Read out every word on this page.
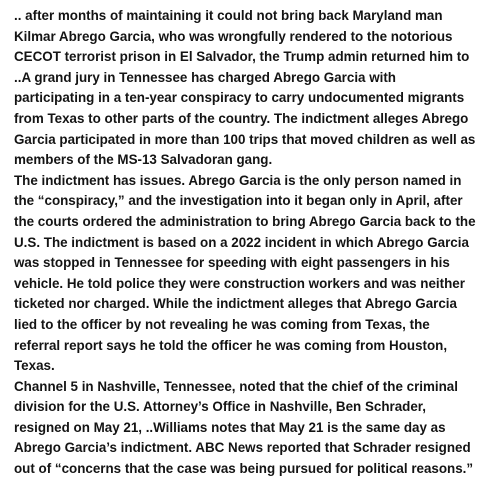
.. after months of maintaining it could not bring back Maryland man Kilmar Abrego Garcia, who was wrongfully rendered to the notorious CECOT terrorist prison in El Salvador, the Trump admin returned him to ..A grand jury in Tennessee has charged Abrego Garcia with participating in a ten-year conspiracy to carry undocumented migrants from Texas to other parts of the country. The indictment alleges Abrego Garcia participated in more than 100 trips that moved children as well as members of the MS-13 Salvadoran gang.

The indictment has issues. Abrego Garcia is the only person named in the “conspiracy,” and the investigation into it began only in April, after the courts ordered the administration to bring Abrego Garcia back to the U.S. The indictment is based on a 2022 incident in which Abrego Garcia was stopped in Tennessee for speeding with eight passengers in his vehicle. He told police they were construction workers and was neither ticketed nor charged. While the indictment alleges that Abrego Garcia lied to the officer by not revealing he was coming from Texas, the referral report says he told the officer he was coming from Houston, Texas.

Channel 5 in Nashville, Tennessee, noted that the chief of the criminal division for the U.S. Attorney’s Office in Nashville, Ben Schrader, resigned on May 21, ..Williams notes that May 21 is the same day as Abrego Garcia’s indictment. ABC News reported that Schrader resigned out of “concerns that the case was being pursued for political reasons.”
